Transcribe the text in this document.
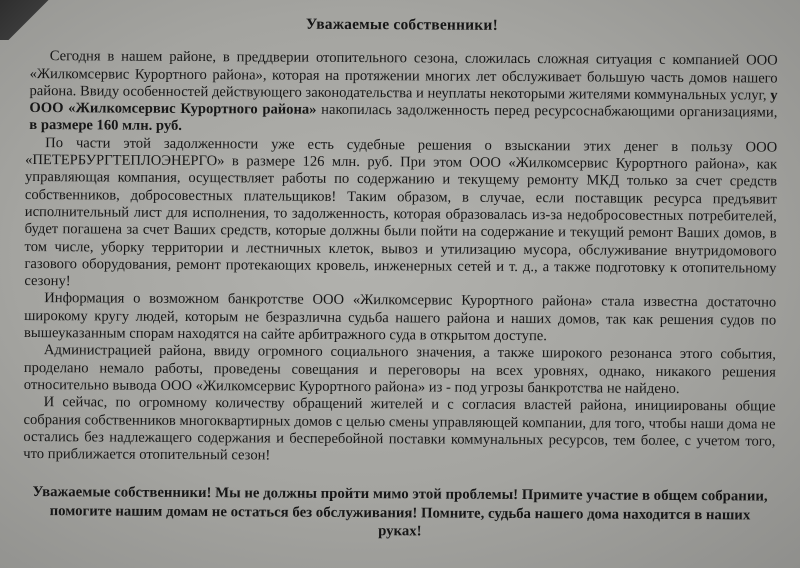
Уважаемые собственники!

Сегодня в нашем районе, в преддверии отопительного сезона, сложилась сложная ситуация с компанией ООО «Жилкомсервис Курортного района», которая на протяжении многих лет обслуживает большую часть домов нашего района. Ввиду особенностей действующего законодательства и неуплаты некоторыми жителями коммунальных услуг, у ООО «Жилкомсервис Курортного района» накопилась задолженность перед ресурсоснабжающими организациями, в размере 160 млн. руб.

По части этой задолженности уже есть судебные решения о взыскании этих денег в пользу ООО «ПЕТЕРБУРГТЕПЛОЭНЕРГО» в размере 126 млн. руб. При этом ООО «Жилкомсервис Курортного района», как управляющая компания, осуществляет работы по содержанию и текущему ремонту МКД только за счет средств собственников, добросовестных плательщиков! Таким образом, в случае, если поставщик ресурса предъявит исполнительный лист для исполнения, то задолженность, которая образовалась из-за недобросовестных потребителей, будет погашена за счет Ваших средств, которые должны были пойти на содержание и текущий ремонт Ваших домов, в том числе, уборку территории и лестничных клеток, вывоз и утилизацию мусора, обслуживание внутридомового газового оборудования, ремонт протекающих кровель, инженерных сетей и т. д., а также подготовку к отопительному сезону!

Информация о возможном банкротстве ООО «Жилкомсервис Курортного района» стала известна достаточно широкому кругу людей, которым не безразлична судьба нашего района и наших домов, так как решения судов по вышеуказанным спорам находятся на сайте арбитражного суда в открытом доступе.

Администрацией района, ввиду огромного социального значения, а также широкого резонанса этого события, проделано немало работы, проведены совещания и переговоры на всех уровнях, однако, никакого решения относительно вывода ООО «Жилкомсервис Курортного района» из - под угрозы банкротства не найдено.

И сейчас, по огромному количеству обращений жителей и с согласия властей района, инициированы общие собрания собственников многоквартирных домов с целью смены управляющей компании, для того, чтобы наши дома не остались без надлежащего содержания и бесперебойной поставки коммунальных ресурсов, тем более, с учетом того, что приближается отопительный сезон!

Уважаемые собственники! Мы не должны пройти мимо этой проблемы! Примите участие в общем собрании, помогите нашим домам не остаться без обслуживания! Помните, судьба нашего дома находится в наших руках!
